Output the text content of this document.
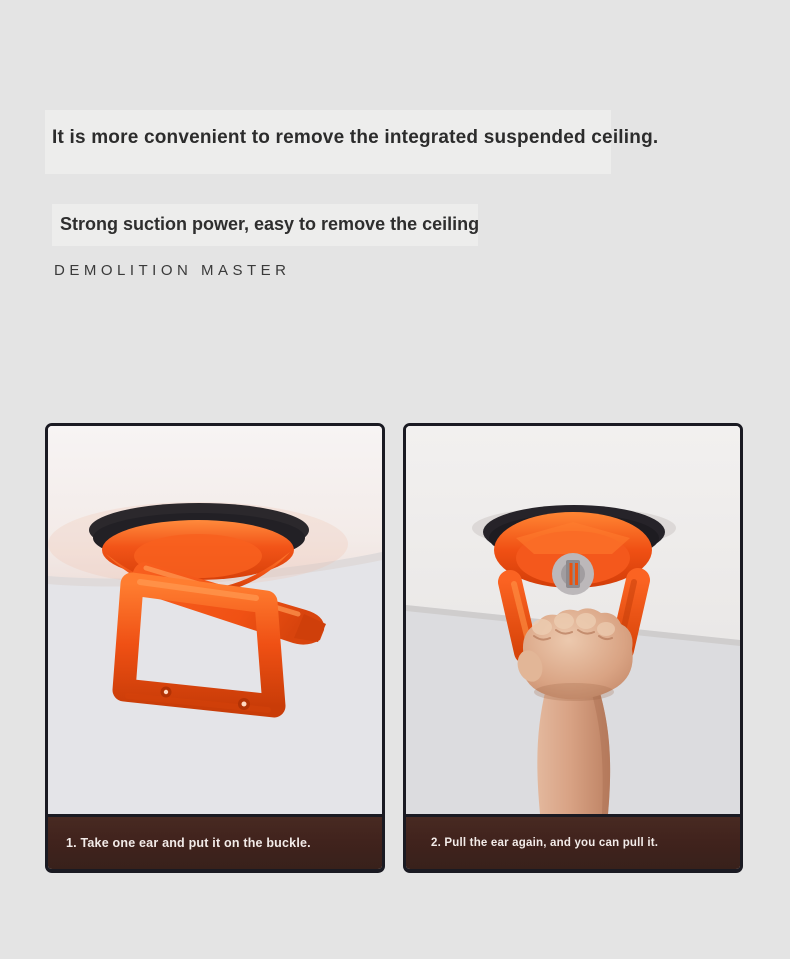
It is more convenient to remove the integrated suspended ceiling.
Strong suction power, easy to remove the ceiling
DEMOLITION MASTER
1. Take one ear and put it on the buckle.	2. Pull the ear again, and you can pull it.
